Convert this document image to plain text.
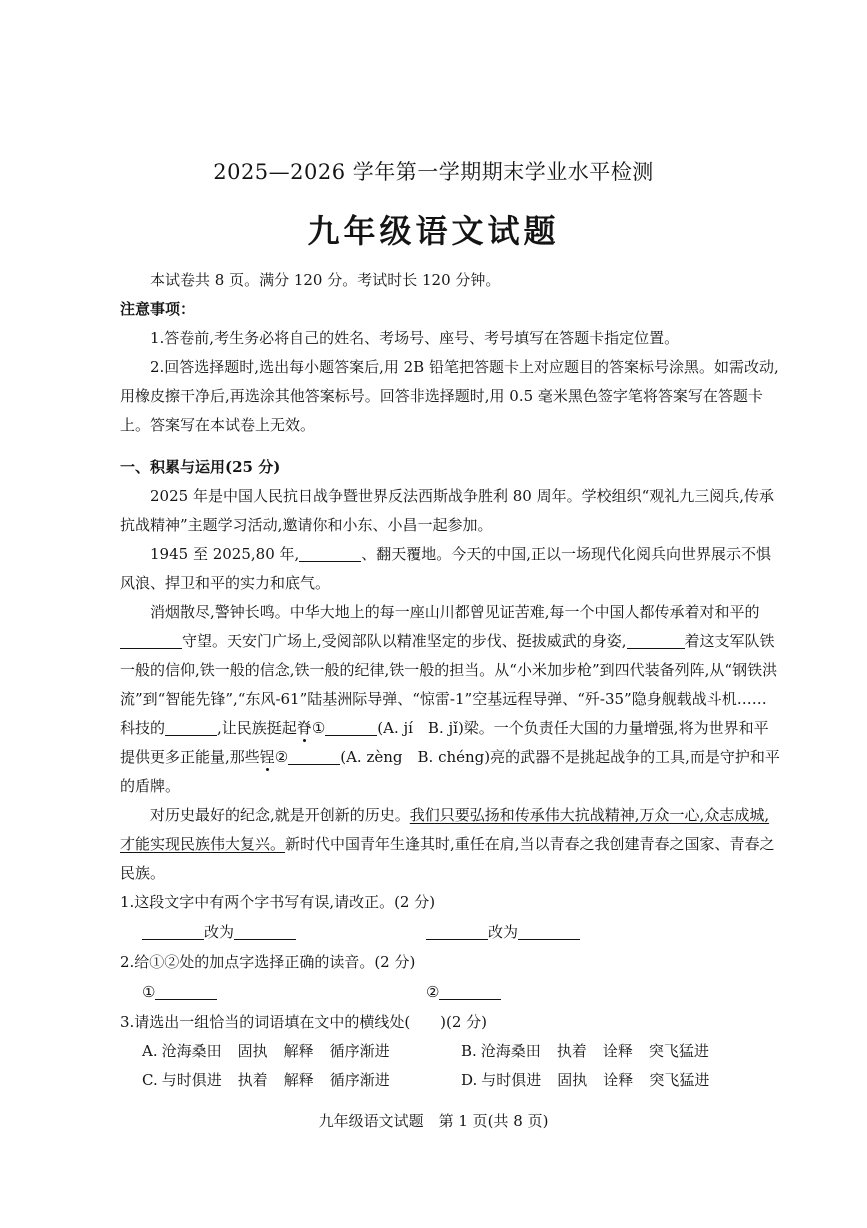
2025—2026 学年第一学期期末学业水平检测
九年级语文试题

本试卷共 8 页。满分 120 分。考试时长 120 分钟。

注意事项：

1.答卷前,考生务必将自己的姓名、考场号、座号、考号填写在答题卡指定位置。

2.回答选择题时,选出每小题答案后,用 2B 铅笔把答题卡上对应题目的答案标号涂黑。如需改动,用橡皮擦干净后,再选涂其他答案标号。回答非选择题时,用 0.5 毫米黑色签字笔将答案写在答题卡上。答案写在本试卷上无效。

一、积累与运用(25 分)

2025 年是中国人民抗日战争暨世界反法西斯战争胜利 80 周年。学校组织“观礼九三阅兵,传承抗战精神”主题学习活动,邀请你和小东、小昌一起参加。

1945 至 2025,80 年,	、翻天覆地。今天的中国,正以一场现代化阅兵向世界展示不惧风浪、捍卫和平的实力和底气。

消烟散尽,警钟长鸣。中华大地上的每一座山川都曾见证苦难,每一个中国人都传承着对和平的守望。天安门广场上,受阅部队以精准坚定的步伐、挺拔威武的身姿,	着这支军队铁一般的信仰,铁一般的信念,铁一般的纪律,铁一般的担当。从“小米加步枪”到四代装备列阵,从“钢铁洪流”到“智能先锋”,“东风-61”陆基洲际导弹、“惊雷-1”空基远程导弹、“歼-35”隐身舰载战斗机……科技的	,让民族挺起脊①	(A. jí　B. jǐ)梁。一个负责任大国的力量增强,将为世界和平提供更多正能量,那些锃②	(A. zèng　B. chéng)亮的武器不是挑起战争的工具,而是守护和平的盾牌。

对历史最好的纪念,就是开创新的历史。我们只要弘扬和传承伟大抗战精神,万众一心,众志成城,才能实现民族伟大复兴。新时代中国青年生逢其时,重任在肩,当以青春之我创建青春之国家、青春之民族。

1.这段文字中有两个字书写有误,请改正。(2 分)

改为	改为

2.给①②处的加点字选择正确的读音。(2 分)

①	②

3.请选出一组恰当的词语填在文中的横线处(　　)(2 分)

A. 沧海桑田 固执 解释 循序渐进	B. 沧海桑田 执着 诠释 突飞猛进
C. 与时俱进 执着 解释 循序渐进	D. 与时俱进 固执 诠释 突飞猛进
九年级语文试题　第 1 页(共 8 页)
